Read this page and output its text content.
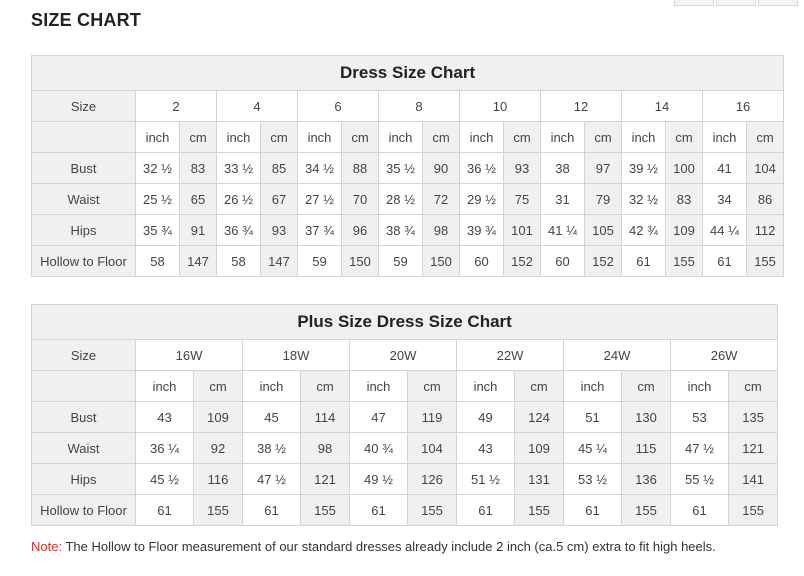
SIZE CHART
Dress Size Chart																
Size	2		4		6		8		10		12		14		16	
	inch	cm	inch	cm	inch	cm	inch	cm	inch	cm	inch	cm	inch	cm	inch	cm
Bust	32 ½	83	33 ½	85	34 ½	88	35 ½	90	36 ½	93	38	97	39 ½	100	41	104
Waist	25 ½	65	26 ½	67	27 ½	70	28 ½	72	29 ½	75	31	79	32 ½	83	34	86
Hips	35 ¾	91	36 ¾	93	37 ¾	96	38 ¾	98	39 ¾	101	41 ¼	105	42 ¾	109	44 ¼	112
Hollow to Floor	58	147	58	147	59	150	59	150	60	152	60	152	61	155	61	155
Plus Size Dress Size Chart												
Size	16W		18W		20W		22W		24W		26W	
	inch	cm	inch	cm	inch	cm	inch	cm	inch	cm	inch	cm
Bust	43	109	45	114	47	119	49	124	51	130	53	135
Waist	36 ¼	92	38 ½	98	40 ¾	104	43	109	45 ¼	115	47 ½	121
Hips	45 ½	116	47 ½	121	49 ½	126	51 ½	131	53 ½	136	55 ½	141
Hollow to Floor	61	155	61	155	61	155	61	155	61	155	61	155

Note: The Hollow to Floor measurement of our standard dresses already include 2 inch (ca.5 cm) extra to fit high heels.
